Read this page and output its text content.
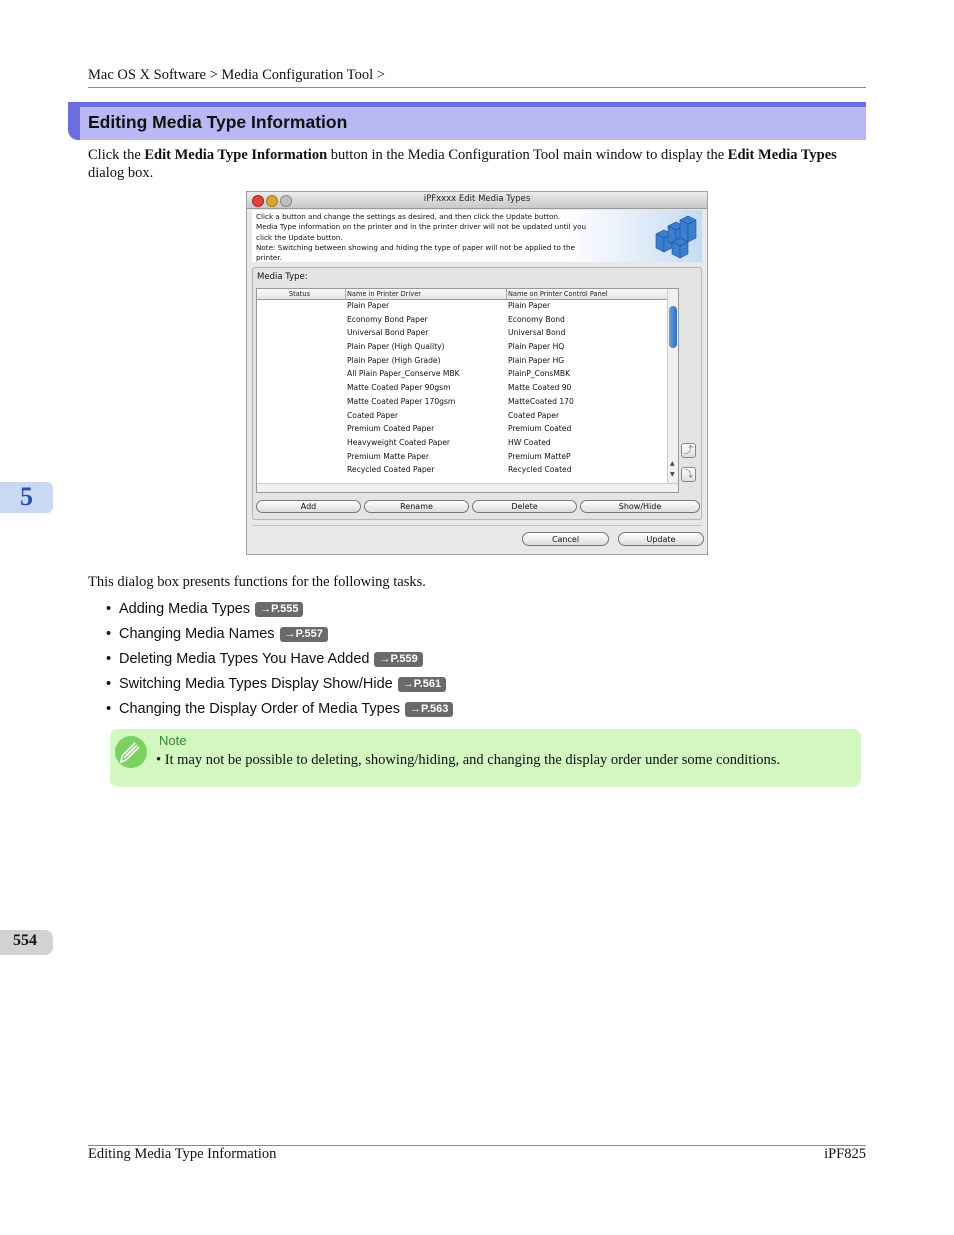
Mac OS X Software > Media Configuration Tool >
Editing Media Type Information
Click the Edit Media Type Information button in the Media Configuration Tool main window to display the Edit Media Types dialog box.
iPFxxxx Edit Media Types
Click a button and change the settings as desired, and then click the Update button.
Media Type information on the printer and in the printer driver will not be updated until you
click the Update button.
Note: Switching between showing and hiding the type of paper will not be applied to the
printer.
Media Type:
Status	Name in Printer Driver	Name on Printer Control Panel
Plain Paper	Plain Paper
Economy Bond Paper	Economy Bond
Universal Bond Paper	Universal Bond
Plain Paper (High Quality)	Plain Paper HQ
Plain Paper (High Grade)	Plain Paper HG
All Plain Paper_Conserve MBK	PlainP_ConsMBK
Matte Coated Paper 90gsm	Matte Coated 90
Matte Coated Paper 170gsm	MatteCoated 170
Coated Paper	Coated Paper
Premium Coated Paper	Premium Coated
Heavyweight Coated Paper	HW Coated
Premium Matte Paper	Premium MatteP
Recycled Coated Paper	Recycled Coated
▲
▼
⤴
⤵
Add	Rename	Delete	Show/Hide
Cancel	Update
5
This dialog box presents functions for the following tasks.
• Adding Media Types →P.555
• Changing Media Names →P.557
• Deleting Media Types You Have Added →P.559
• Switching Media Types Display Show/Hide →P.561
• Changing the Display Order of Media Types →P.563
Note
• It may not be possible to deleting, showing/hiding, and changing the display order under some conditions.
554
Editing Media Type Information	iPF825
